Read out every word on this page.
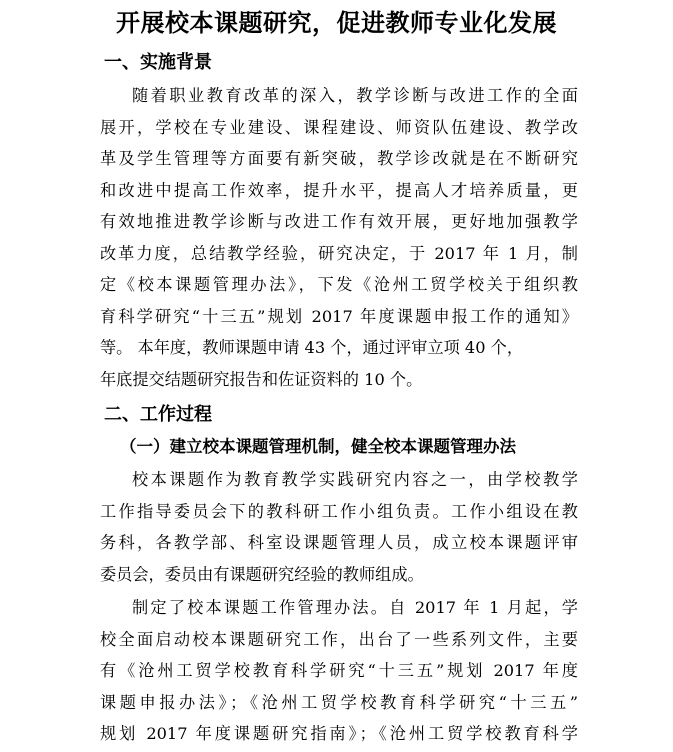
开展校本课题研究，促进教师专业化发展
一、实施背景
随着职业教育改革的深入，教学诊断与改进工作的全面
展开，学校在专业建设、课程建设、师资队伍建设、教学改
革及学生管理等方面要有新突破，教学诊改就是在不断研究
和改进中提高工作效率，提升水平，提高人才培养质量，更
有效地推进教学诊断与改进工作有效开展，更好地加强教学
改革力度，总结教学经验，研究决定，于 2017 年 1 月，制
定《校本课题管理办法》，下发《沧州工贸学校关于组织教
育科学研究“十三五”规划 2017 年度课题申报工作的通知》
等。 本年度，教师课题申请 43 个，通过评审立项 40 个，
年底提交结题研究报告和佐证资料的 10 个。
二、工作过程
（一）建立校本课题管理机制，健全校本课题管理办法
校本课题作为教育教学实践研究内容之一，由学校教学
工作指导委员会下的教科研工作小组负责。工作小组设在教
务科，各教学部、科室设课题管理人员，成立校本课题评审
委员会，委员由有课题研究经验的教师组成。
制定了校本课题工作管理办法。自 2017 年 1 月起，学
校全面启动校本课题研究工作，出台了一些系列文件，主要
有《沧州工贸学校教育科学研究“十三五”规划 2017 年度
课题申报办法》；《沧州工贸学校教育科学研究“十三五”
规划 2017 年度课题研究指南》；《沧州工贸学校教育科学
